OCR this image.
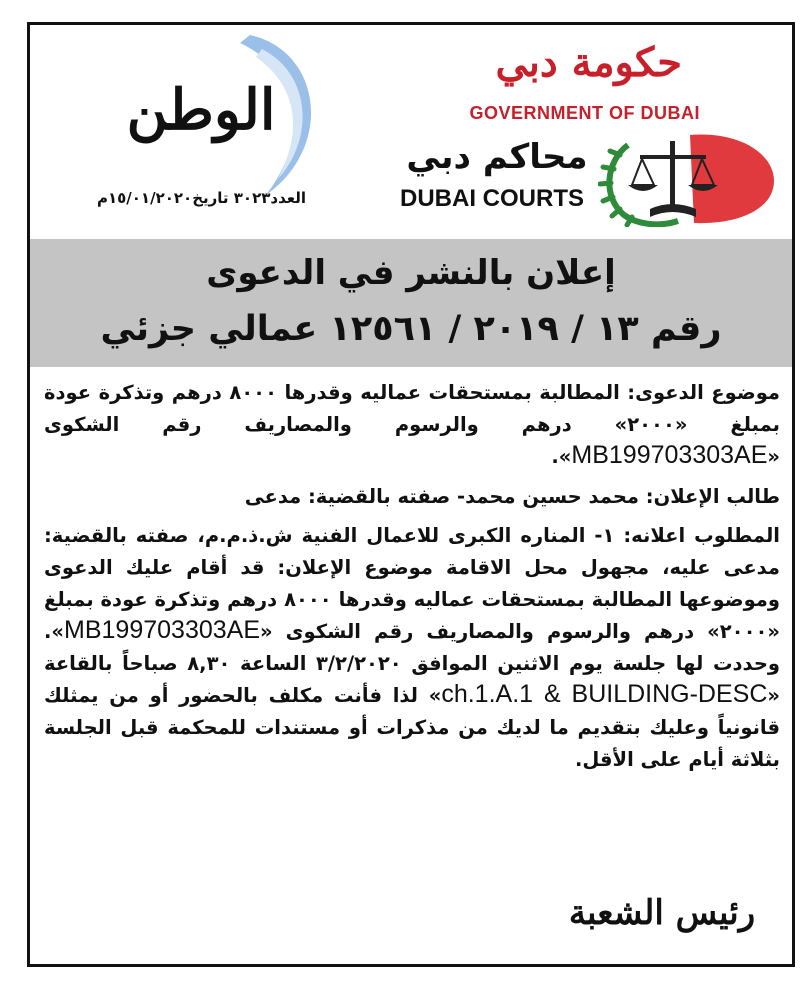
حكومة دبي
GOVERNMENT OF DUBAI
محاكم دبي
DUBAI COURTS
الوطن
العدد٣٠٢٣ تاريخ١٥/٠١/٢٠٢٠م
إعلان بالنشر في الدعوى
رقم ١٣ / ٢٠١٩ / ١٢٥٦١ عمالي جزئي

موضوع الدعوى: المطالبة بمستحقات عماليه وقدرها ٨٠٠٠ درهم وتذكرة عودة بمبلغ «٢٠٠٠» درهم والرسوم والمصاريف رقم الشكوى «MB199703303AE».

طالب الإعلان: محمد حسين محمد- صفته بالقضية: مدعى

المطلوب اعلانه: ١- المناره الكبرى للاعمال الفنية ش.ذ.م.م، صفته بالقضية: مدعى عليه، مجهول محل الاقامة موضوع الإعلان: قد أقام عليك الدعوى وموضوعها المطالبة بمستحقات عماليه وقدرها ٨٠٠٠ درهم وتذكرة عودة بمبلغ «٢٠٠٠» درهم والرسوم والمصاريف رقم الشكوى «MB199703303AE». وحددت لها جلسة يوم الاثنين الموافق ٣/٢/٢٠٢٠ الساعة ٨,٣٠ صباحاً بالقاعة «ch.1.A.1 & BUILDING-DESC» لذا فأنت مكلف بالحضور أو من يمثلك قانونياً وعليك بتقديم ما لديك من مذكرات أو مستندات للمحكمة قبل الجلسة بثلاثة أيام على الأقل.

رئيس الشعبة
